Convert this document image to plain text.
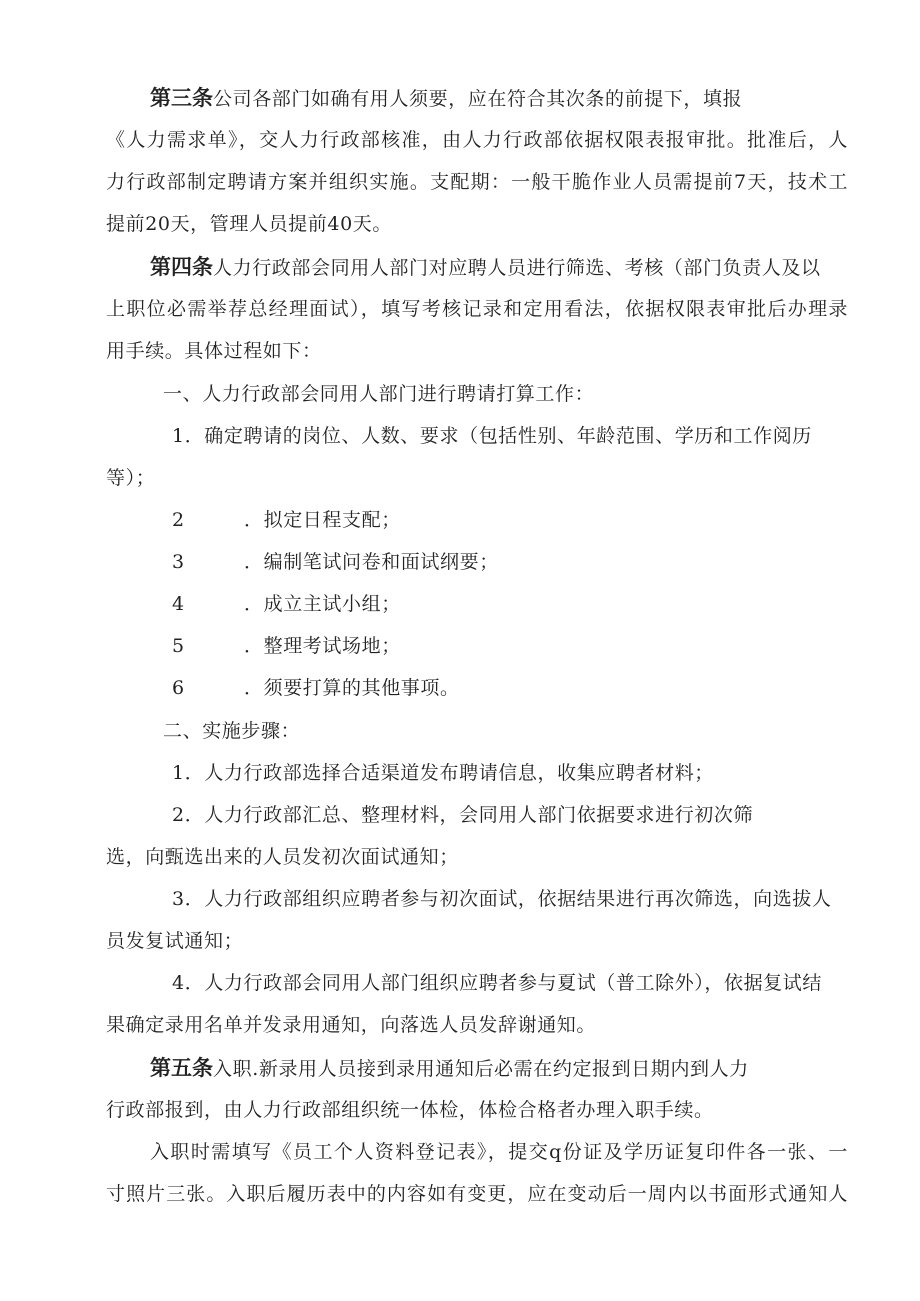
第三条公司各部门如确有用人须要，应在符合其次条的前提下，填报
《人力需求单》，交人力行政部核准，由人力行政部依据权限表报审批。批准后，人
力行政部制定聘请方案并组织实施。支配期：一般干脆作业人员需提前7天，技术工
提前20天，管理人员提前40天。
第四条人力行政部会同用人部门对应聘人员进行筛选、考核（部门负责人及以
上职位必需举荐总经理面试），填写考核记录和定用看法，依据权限表审批后办理录
用手续。具体过程如下：
一、人力行政部会同用人部门进行聘请打算工作：
1．确定聘请的岗位、人数、要求（包括性别、年龄范围、学历和工作阅历
等）；
2	．拟定日程支配；
3	．编制笔试问卷和面试纲要；
4	．成立主试小组；
5	．整理考试场地；
6	．须要打算的其他事项。
二、实施步骤：
1．人力行政部选择合适渠道发布聘请信息，收集应聘者材料；
2．人力行政部汇总、整理材料，会同用人部门依据要求进行初次筛
选，向甄选出来的人员发初次面试通知；
3．人力行政部组织应聘者参与初次面试，依据结果进行再次筛选，向选拔人
员发复试通知；
4．人力行政部会同用人部门组织应聘者参与夏试（普工除外），依据复试结
果确定录用名单并发录用通知，向落选人员发辞谢通知。
第五条入职.新录用人员接到录用通知后必需在约定报到日期内到人力
行政部报到，由人力行政部组织统一体检，体检合格者办理入职手续。
入职时需填写《员工个人资料登记表》，提交q份证及学历证复印件各一张、一
寸照片三张。入职后履历表中的内容如有变更，应在变动后一周内以书面形式通知人
